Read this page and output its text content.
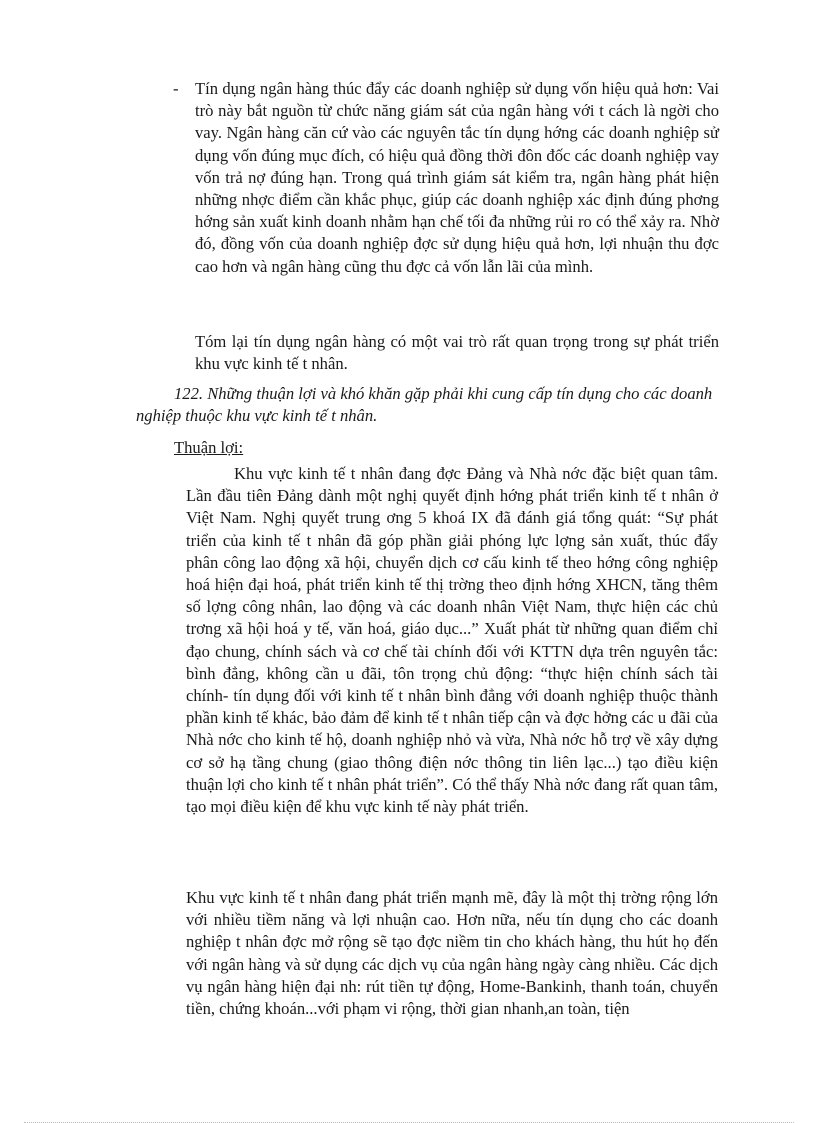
- Tín dụng ngân hàng thúc đẩy các doanh nghiệp sử dụng vốn hiệu quả hơn: Vai trò này bắt nguồn từ chức năng giám sát của ngân hàng với t cách là ngời cho vay. Ngân hàng căn cứ vào các nguyên tắc tín dụng hớng các doanh nghiệp sử dụng vốn đúng mục đích, có hiệu quả đồng thời đôn đốc các doanh nghiệp vay vốn trả nợ đúng hạn. Trong quá trình giám sát kiểm tra, ngân hàng phát hiện những nhợc điểm cần khắc phục, giúp các doanh nghiệp xác định đúng phơng hớng sản xuất kinh doanh nhằm hạn chế tối đa những rủi ro có thể xảy ra. Nhờ đó, đồng vốn của doanh nghiệp đợc sử dụng hiệu quả hơn, lợi nhuận thu đợc cao hơn và ngân hàng cũng thu đợc cả vốn lẫn lãi của mình.

Tóm lại tín dụng ngân hàng có một vai trò rất quan trọng trong sự phát triển khu vực kinh tế t nhân.

122. Những thuận lợi và khó khăn gặp phải khi cung cấp tín dụng cho các doanh nghiệp thuộc khu vực kinh tế t nhân.

Thuận lợi:

Khu vực kinh tế t nhân đang đợc Đảng và Nhà nớc đặc biệt quan tâm. Lần đầu tiên Đảng dành một nghị quyết định hớng phát triển kinh tế t nhân ở Việt Nam. Nghị quyết trung ơng 5 khoá IX đã đánh giá tổng quát: “Sự phát triển của kinh tế t nhân đã góp phần giải phóng lực lợng sản xuất, thúc đẩy phân công lao động xã hội, chuyển dịch cơ cấu kinh tế theo hớng công nghiệp hoá hiện đại hoá, phát triển kinh tế thị trờng theo định hớng XHCN, tăng thêm số lợng công nhân, lao động và các doanh nhân Việt Nam, thực hiện các chủ trơng xã hội hoá y tế, văn hoá, giáo dục...” Xuất phát từ những quan điểm chỉ đạo chung, chính sách và cơ chế tài chính đối với KTTN dựa trên nguyên tắc: bình đẳng, không cần u đãi, tôn trọng chủ động: “thực hiện chính sách tài chính- tín dụng đối với kinh tế t nhân bình đẳng với doanh nghiệp thuộc thành phần kinh tế khác, bảo đảm để kinh tế t nhân tiếp cận và đợc hởng các u đãi của Nhà nớc cho kinh tế hộ, doanh nghiệp nhỏ và vừa, Nhà nớc hỗ trợ về xây dựng cơ sở hạ tầng chung (giao thông điện nớc thông tin liên lạc...) tạo điều kiện thuận lợi cho kinh tế t nhân phát triển”. Có thể thấy Nhà nớc đang rất quan tâm, tạo mọi điều kiện để khu vực kinh tế này phát triển.

Khu vực kinh tế t nhân đang phát triển mạnh mẽ, đây là một thị trờng rộng lớn với nhiều tiềm năng và lợi nhuận cao. Hơn nữa, nếu tín dụng cho các doanh nghiệp t nhân đợc mở rộng sẽ tạo đợc niềm tin cho khách hàng, thu hút họ đến với ngân hàng và sử dụng các dịch vụ của ngân hàng ngày càng nhiều. Các dịch vụ ngân hàng hiện đại nh: rút tiền tự động, Home-Bankinh, thanh toán, chuyển tiền, chứng khoán...với phạm vi rộng, thời gian nhanh,an toàn, tiện
